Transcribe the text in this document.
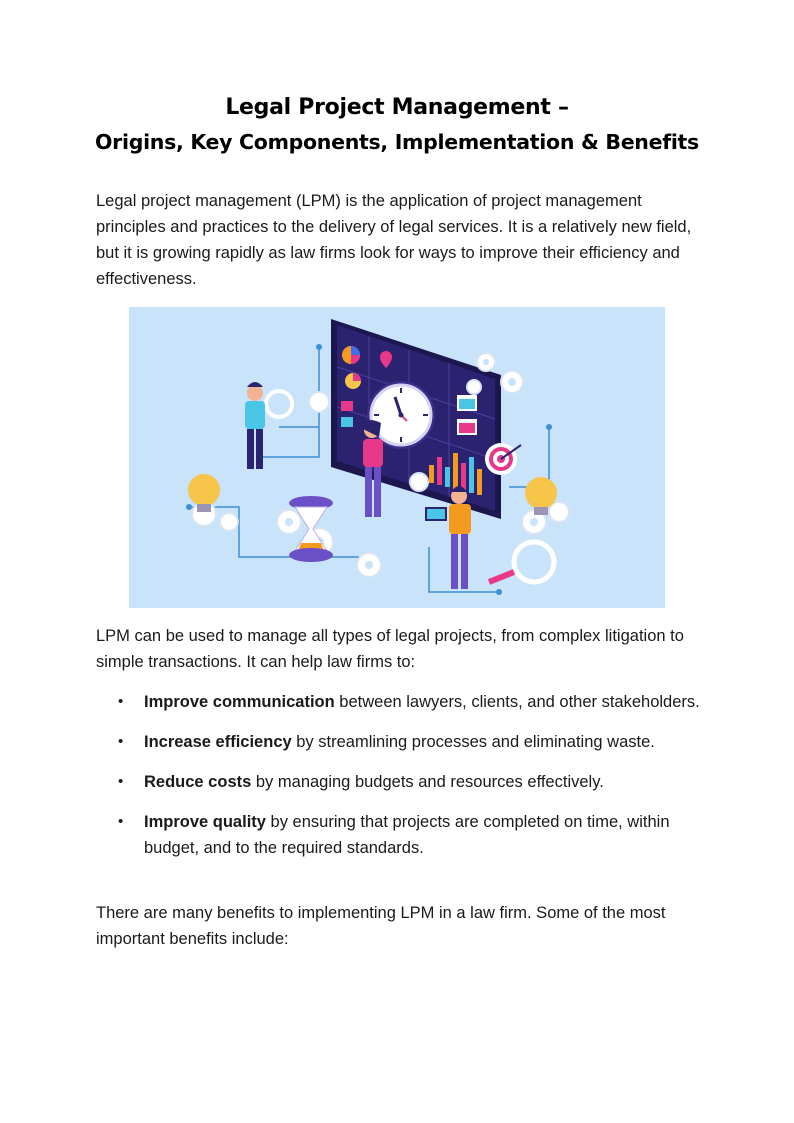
Legal Project Management –
Origins, Key Components, Implementation & Benefits

Legal project management (LPM) is the application of project management principles and practices to the delivery of legal services. It is a relatively new field, but it is growing rapidly as law firms look for ways to improve their efficiency and effectiveness.

LPM can be used to manage all types of legal projects, from complex litigation to simple transactions. It can help law firms to:

• Improve communication between lawyers, clients, and other stakeholders.
• Increase efficiency by streamlining processes and eliminating waste.
• Reduce costs by managing budgets and resources effectively.
• Improve quality by ensuring that projects are completed on time, within budget, and to the required standards.

There are many benefits to implementing LPM in a law firm. Some of the most important benefits include:
